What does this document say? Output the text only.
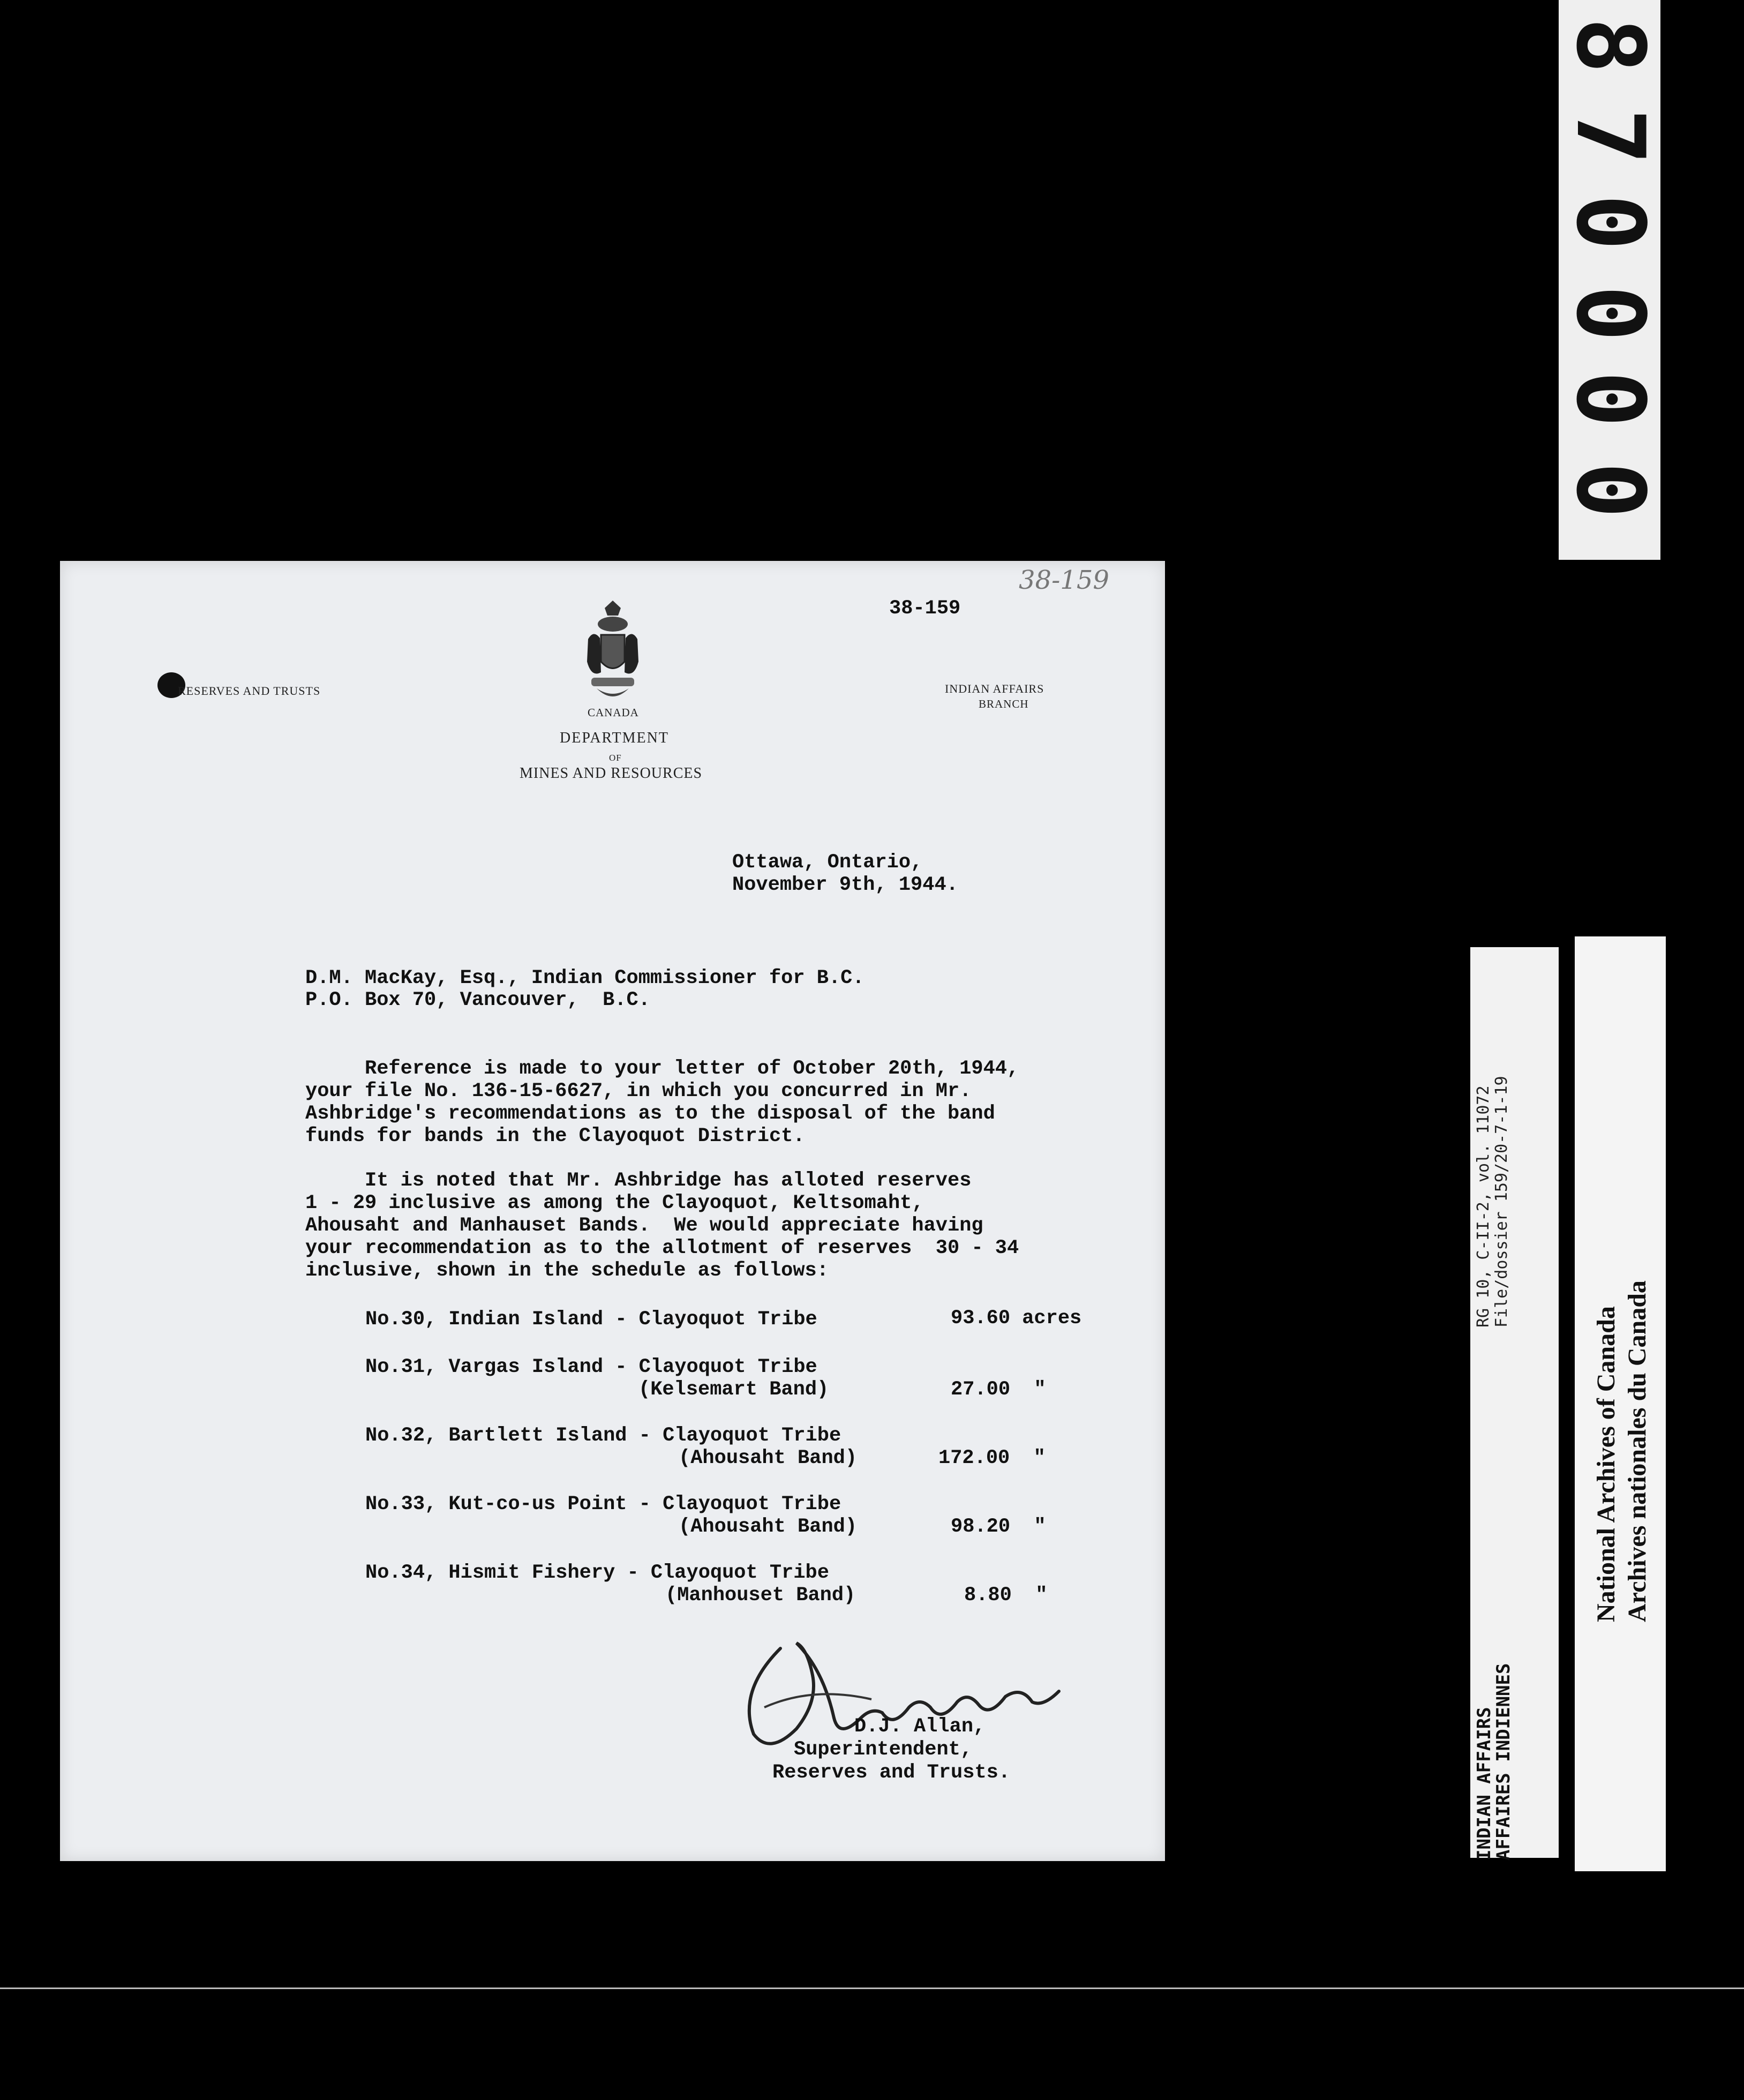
8
7
0
0
0
0
38-159
38-159
RESERVES AND TRUSTS
CANADA
DEPARTMENT
OF
MINES AND RESOURCES
INDIAN AFFAIRS
BRANCH
Ottawa, Ontario,
November 9th, 1944.
D.M. MacKay, Esq., Indian Commissioner for B.C.
P.O. Box 70, Vancouver,  B.C.
Reference is made to your letter of October 20th, 1944,
your file No. 136-15-6627, in which you concurred in Mr.
Ashbridge's recommendations as to the disposal of the band
funds for bands in the Clayoquot District.
It is noted that Mr. Ashbridge has alloted reserves
1 - 29 inclusive as among the Clayoquot, Keltsomaht,
Ahousaht and Manhauset Bands.  We would appreciate having
your recommendation as to the allotment of reserves  30 - 34
inclusive, shown in the schedule as follows:
No.30, Indian Island - Clayoquot Tribe	93.60 acres
No.31, Vargas Island - Clayoquot Tribe
(Kelsemart Band)	27.00  "
No.32, Bartlett Island - Clayoquot Tribe
(Ahousaht Band)	172.00  "
No.33, Kut-co-us Point - Clayoquot Tribe
(Ahousaht Band)	98.20  "
No.34, Hismit Fishery - Clayoquot Tribe
(Manhouset Band)	8.80  "
D.J. Allan,
Superintendent,
Reserves and Trusts.	INDIAN AFFAIRS
AFFAIRES INDIENNES
RG 10, C-II-2, vol. 11072 File/dossier 159/20-7-1-19
National Archives of Canada Archives nationales du Canada
